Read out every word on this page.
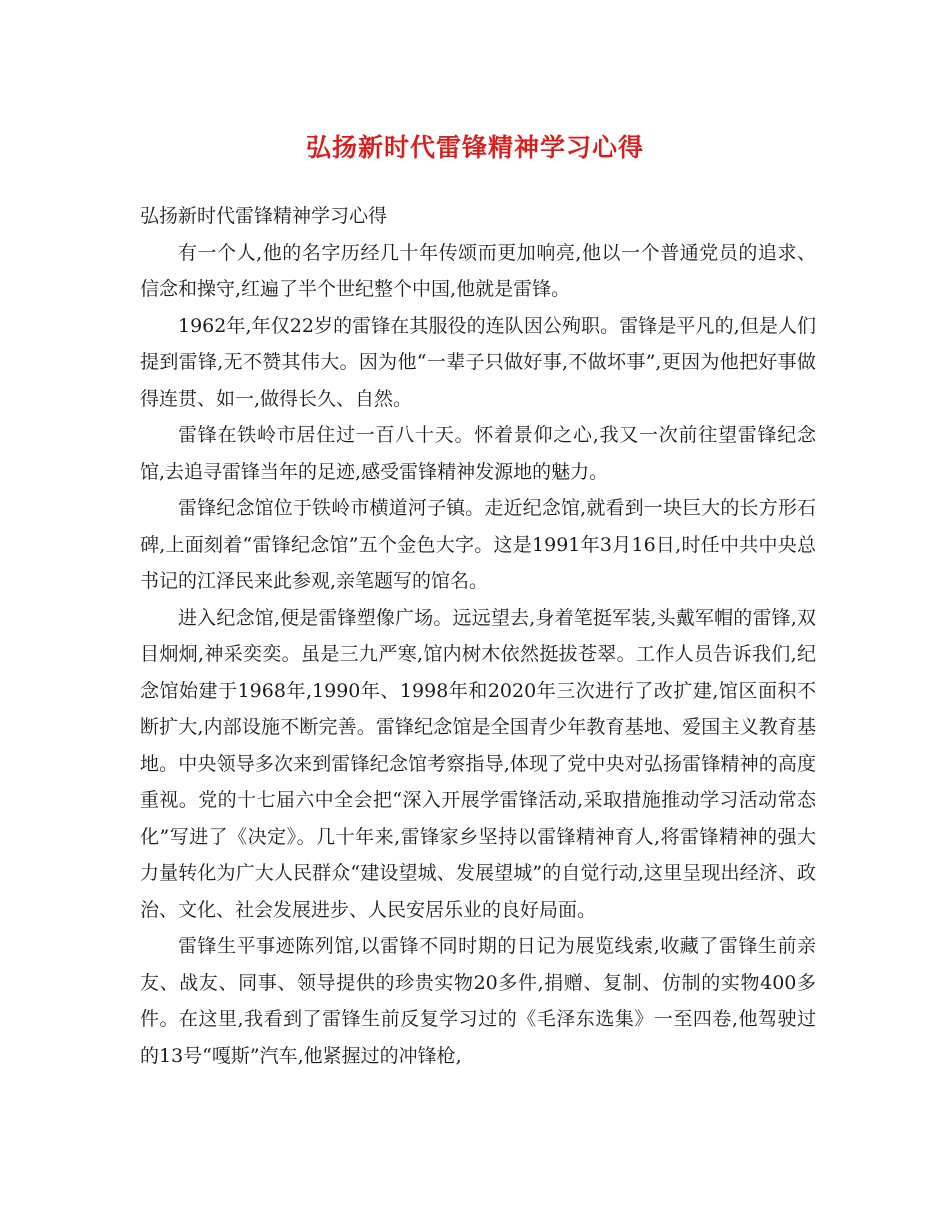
弘扬新时代雷锋精神学习心得

弘扬新时代雷锋精神学习心得

有一个人,他的名字历经几十年传颂而更加响亮,他以一个普通党员的追求、信念和操守,红遍了半个世纪整个中国,他就是雷锋。

1962年,年仅22岁的雷锋在其服役的连队因公殉职。雷锋是平凡的,但是人们提到雷锋,无不赞其伟大。因为他“一辈子只做好事,不做坏事”,更因为他把好事做得连贯、如一,做得长久、自然。

雷锋在铁岭市居住过一百八十天。怀着景仰之心,我又一次前往望雷锋纪念馆,去追寻雷锋当年的足迹,感受雷锋精神发源地的魅力。

雷锋纪念馆位于铁岭市横道河子镇。走近纪念馆,就看到一块巨大的长方形石碑,上面刻着“雷锋纪念馆”五个金色大字。这是1991年3月16日,时任中共中央总书记的江泽民来此参观,亲笔题写的馆名。

进入纪念馆,便是雷锋塑像广场。远远望去,身着笔挺军装,头戴军帽的雷锋,双目炯炯,神采奕奕。虽是三九严寒,馆内树木依然挺拔苍翠。工作人员告诉我们,纪念馆始建于1968年,1990年、1998年和2020年三次进行了改扩建,馆区面积不断扩大,内部设施不断完善。雷锋纪念馆是全国青少年教育基地、爱国主义教育基地。中央领导多次来到雷锋纪念馆考察指导,体现了党中央对弘扬雷锋精神的高度重视。党的十七届六中全会把“深入开展学雷锋活动,采取措施推动学习活动常态化”写进了《决定》。几十年来,雷锋家乡坚持以雷锋精神育人,将雷锋精神的强大力量转化为广大人民群众“建设望城、发展望城”的自觉行动,这里呈现出经济、政治、文化、社会发展进步、人民安居乐业的良好局面。

雷锋生平事迹陈列馆,以雷锋不同时期的日记为展览线索,收藏了雷锋生前亲友、战友、同事、领导提供的珍贵实物20多件,捐赠、复制、仿制的实物400多件。在这里,我看到了雷锋生前反复学习过的《毛泽东选集》一至四卷,他驾驶过的13号“嘎斯”汽车,他紧握过的冲锋枪,
